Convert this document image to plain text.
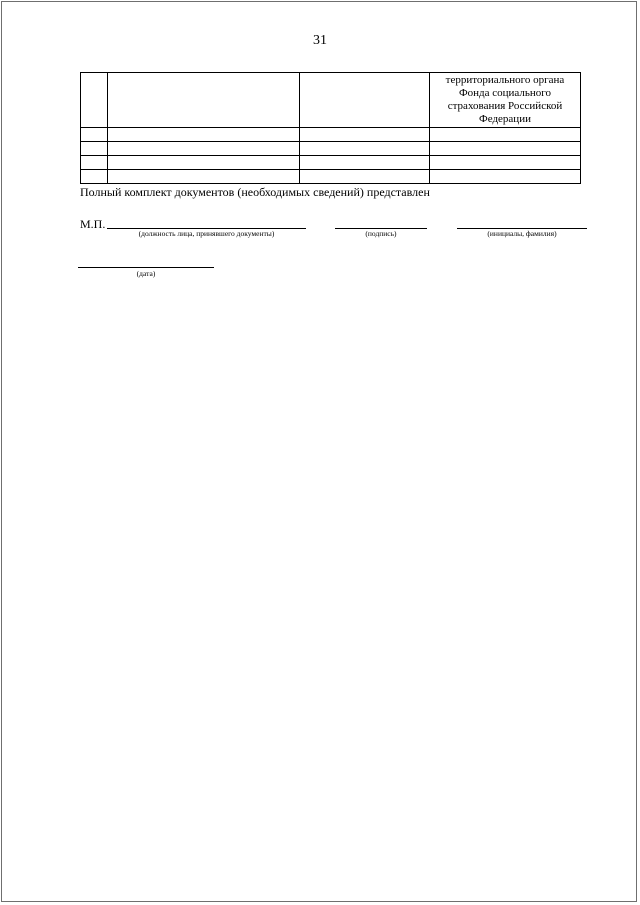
31

			территориального органа Фонда социального страхования Российской Федерации

Полный комплект документов (необходимых сведений) представлен
М.П.
(должность лица, принявшего документы)	(подпись)	(инициалы, фамилия)
(дата)
